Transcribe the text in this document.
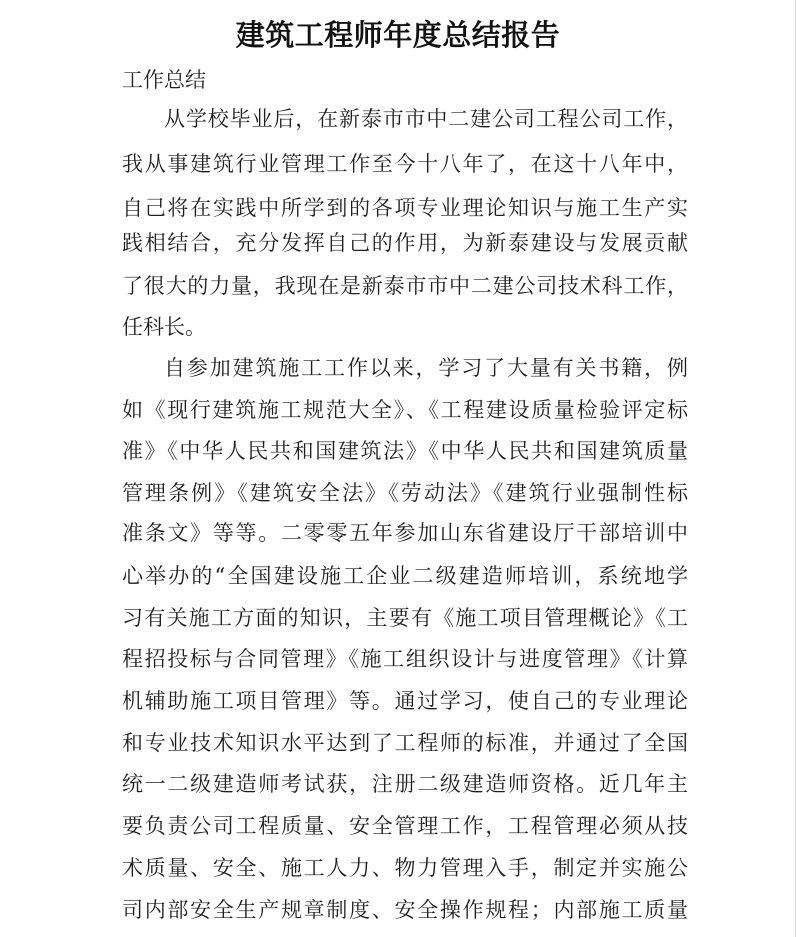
建筑工程师年度总结报告
工作总结
从学校毕业后，在新泰市市中二建公司工程公司工作，
我从事建筑行业管理工作至今十八年了，在这十八年中，
自己将在实践中所学到的各项专业理论知识与施工生产实
践相结合，充分发挥自己的作用，为新泰建设与发展贡献
了很大的力量，我现在是新泰市市中二建公司技术科工作，
任科长。
自参加建筑施工工作以来，学习了大量有关书籍，例
如《现行建筑施工规范大全》、《工程建设质量检验评定标
准》《中华人民共和国建筑法》《中华人民共和国建筑质量
管理条例》《建筑安全法》《劳动法》《建筑行业强制性标
准条文》等等。二零零五年参加山东省建设厅干部培训中
心举办的“全国建设施工企业二级建造师培训，系统地学
习有关施工方面的知识，主要有《施工项目管理概论》《工
程招投标与合同管理》《施工组织设计与进度管理》《计算
机辅助施工项目管理》等。通过学习，使自己的专业理论
和专业技术知识水平达到了工程师的标准，并通过了全国
统一二级建造师考试获，注册二级建造师资格。近几年主
要负责公司工程质量、安全管理工作，工程管理必须从技
术质量、安全、施工人力、物力管理入手，制定并实施公
司内部安全生产规章制度、安全操作规程；内部施工质量
